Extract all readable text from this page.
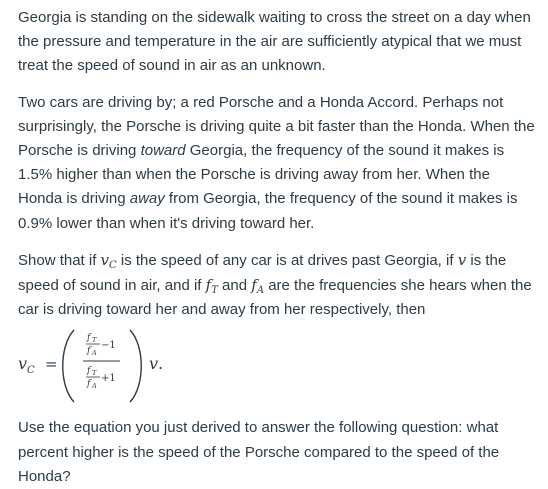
Georgia is standing on the sidewalk waiting to cross the street on a day when the pressure and temperature in the air are sufficiently atypical that we must treat the speed of sound in air as an unknown.

Two cars are driving by; a red Porsche and a Honda Accord. Perhaps not surprisingly, the Porsche is driving quite a bit faster than the Honda. When the Porsche is driving toward Georgia, the frequency of the sound it makes is 1.5% higher than when the Porsche is driving away from her. When the Honda is driving away from Georgia, the frequency of the sound it makes is 0.9% lower than when it's driving toward her.

Show that if $v_C$ is the speed of any car is at drives past Georgia, if v is the speed of sound in air, and if $f_T$ and $f_A$ are the frequencies she hears when the car is driving toward her and away from her respectively, then

v C =
f T
f A
−1
f T
f A
+1
v .

Use the equation you just derived to answer the following question: what percent higher is the speed of the Porsche compared to the speed of the Honda?
